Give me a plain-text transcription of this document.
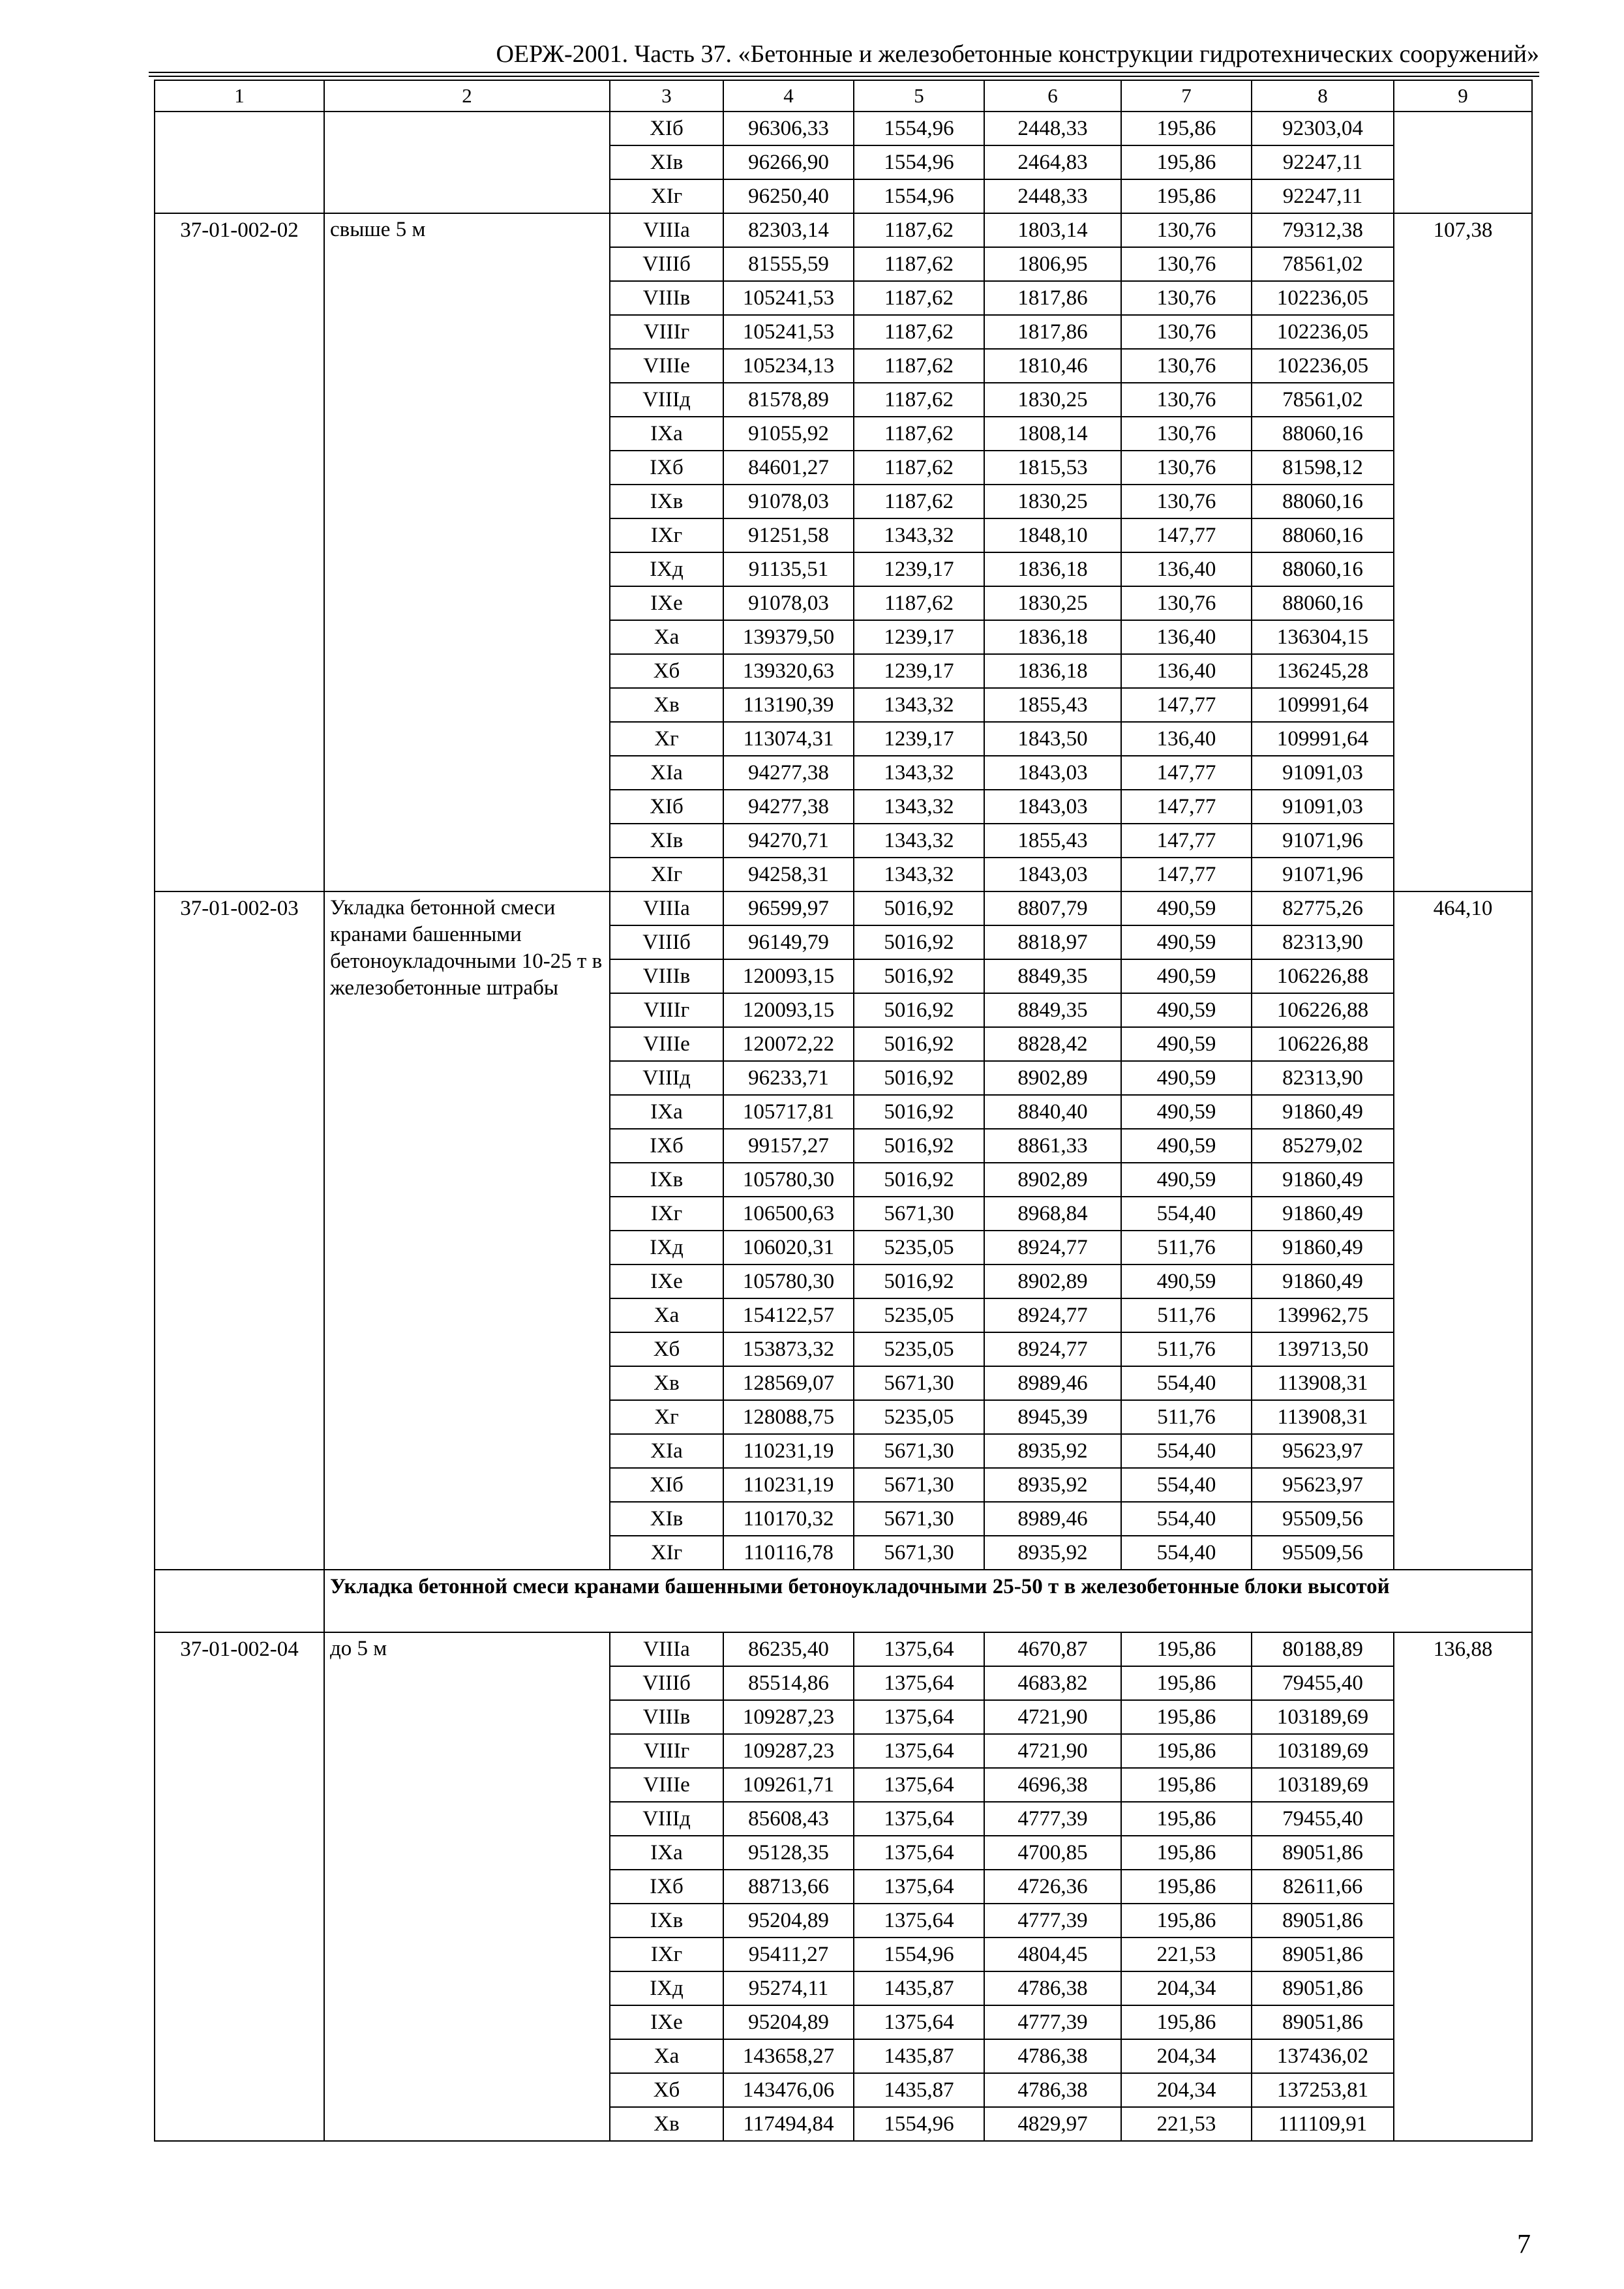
ОЕРЖ-2001. Часть 37. «Бетонные и железобетонные конструкции гидротехнических сооружений»
1	2	3	4	5	6	7	8	9
		XIб	96306,33	1554,96	2448,33	195,86	92303,04	
		XIв	96266,90	1554,96	2464,83	195,86	92247,11	
		XIг	96250,40	1554,96	2448,33	195,86	92247,11	
37-01-002-02	свыше 5 м	VIIIа	82303,14	1187,62	1803,14	130,76	79312,38	107,38
		VIIIб	81555,59	1187,62	1806,95	130,76	78561,02	
		VIIIв	105241,53	1187,62	1817,86	130,76	102236,05	
		VIIIг	105241,53	1187,62	1817,86	130,76	102236,05	
		VIIIе	105234,13	1187,62	1810,46	130,76	102236,05	
		VIIIд	81578,89	1187,62	1830,25	130,76	78561,02	
		IXа	91055,92	1187,62	1808,14	130,76	88060,16	
		IXб	84601,27	1187,62	1815,53	130,76	81598,12	
		IXв	91078,03	1187,62	1830,25	130,76	88060,16	
		IXг	91251,58	1343,32	1848,10	147,77	88060,16	
		IXд	91135,51	1239,17	1836,18	136,40	88060,16	
		IXе	91078,03	1187,62	1830,25	130,76	88060,16	
		Xа	139379,50	1239,17	1836,18	136,40	136304,15	
		Xб	139320,63	1239,17	1836,18	136,40	136245,28	
		Xв	113190,39	1343,32	1855,43	147,77	109991,64	
		Xг	113074,31	1239,17	1843,50	136,40	109991,64	
		XIа	94277,38	1343,32	1843,03	147,77	91091,03	
		XIб	94277,38	1343,32	1843,03	147,77	91091,03	
		XIв	94270,71	1343,32	1855,43	147,77	91071,96	
		XIг	94258,31	1343,32	1843,03	147,77	91071,96	
37-01-002-03	Укладка бетонной смеси кранами башенными бетоноукладочными 10-25 т в железобетонные штрабы	VIIIа	96599,97	5016,92	8807,79	490,59	82775,26	464,10
		VIIIб	96149,79	5016,92	8818,97	490,59	82313,90	
		VIIIв	120093,15	5016,92	8849,35	490,59	106226,88	
		VIIIг	120093,15	5016,92	8849,35	490,59	106226,88	
		VIIIе	120072,22	5016,92	8828,42	490,59	106226,88	
		VIIIд	96233,71	5016,92	8902,89	490,59	82313,90	
		IXа	105717,81	5016,92	8840,40	490,59	91860,49	
		IXб	99157,27	5016,92	8861,33	490,59	85279,02	
		IXв	105780,30	5016,92	8902,89	490,59	91860,49	
		IXг	106500,63	5671,30	8968,84	554,40	91860,49	
		IXд	106020,31	5235,05	8924,77	511,76	91860,49	
		IXе	105780,30	5016,92	8902,89	490,59	91860,49	
		Xа	154122,57	5235,05	8924,77	511,76	139962,75	
		Xб	153873,32	5235,05	8924,77	511,76	139713,50	
		Xв	128569,07	5671,30	8989,46	554,40	113908,31	
		Xг	128088,75	5235,05	8945,39	511,76	113908,31	
		XIа	110231,19	5671,30	8935,92	554,40	95623,97	
		XIб	110231,19	5671,30	8935,92	554,40	95623,97	
		XIв	110170,32	5671,30	8989,46	554,40	95509,56	
		XIг	110116,78	5671,30	8935,92	554,40	95509,56	
	Укладка бетонной смеси кранами башенными бетоноукладочными 25-50 т в железобетонные блоки высотой							
37-01-002-04	до 5 м	VIIIа	86235,40	1375,64	4670,87	195,86	80188,89	136,88
		VIIIб	85514,86	1375,64	4683,82	195,86	79455,40	
		VIIIв	109287,23	1375,64	4721,90	195,86	103189,69	
		VIIIг	109287,23	1375,64	4721,90	195,86	103189,69	
		VIIIе	109261,71	1375,64	4696,38	195,86	103189,69	
		VIIIд	85608,43	1375,64	4777,39	195,86	79455,40	
		IXа	95128,35	1375,64	4700,85	195,86	89051,86	
		IXб	88713,66	1375,64	4726,36	195,86	82611,66	
		IXв	95204,89	1375,64	4777,39	195,86	89051,86	
		IXг	95411,27	1554,96	4804,45	221,53	89051,86	
		IXд	95274,11	1435,87	4786,38	204,34	89051,86	
		IXе	95204,89	1375,64	4777,39	195,86	89051,86	
		Xа	143658,27	1435,87	4786,38	204,34	137436,02	
		Xб	143476,06	1435,87	4786,38	204,34	137253,81	
		Xв	117494,84	1554,96	4829,97	221,53	111109,91	
7
